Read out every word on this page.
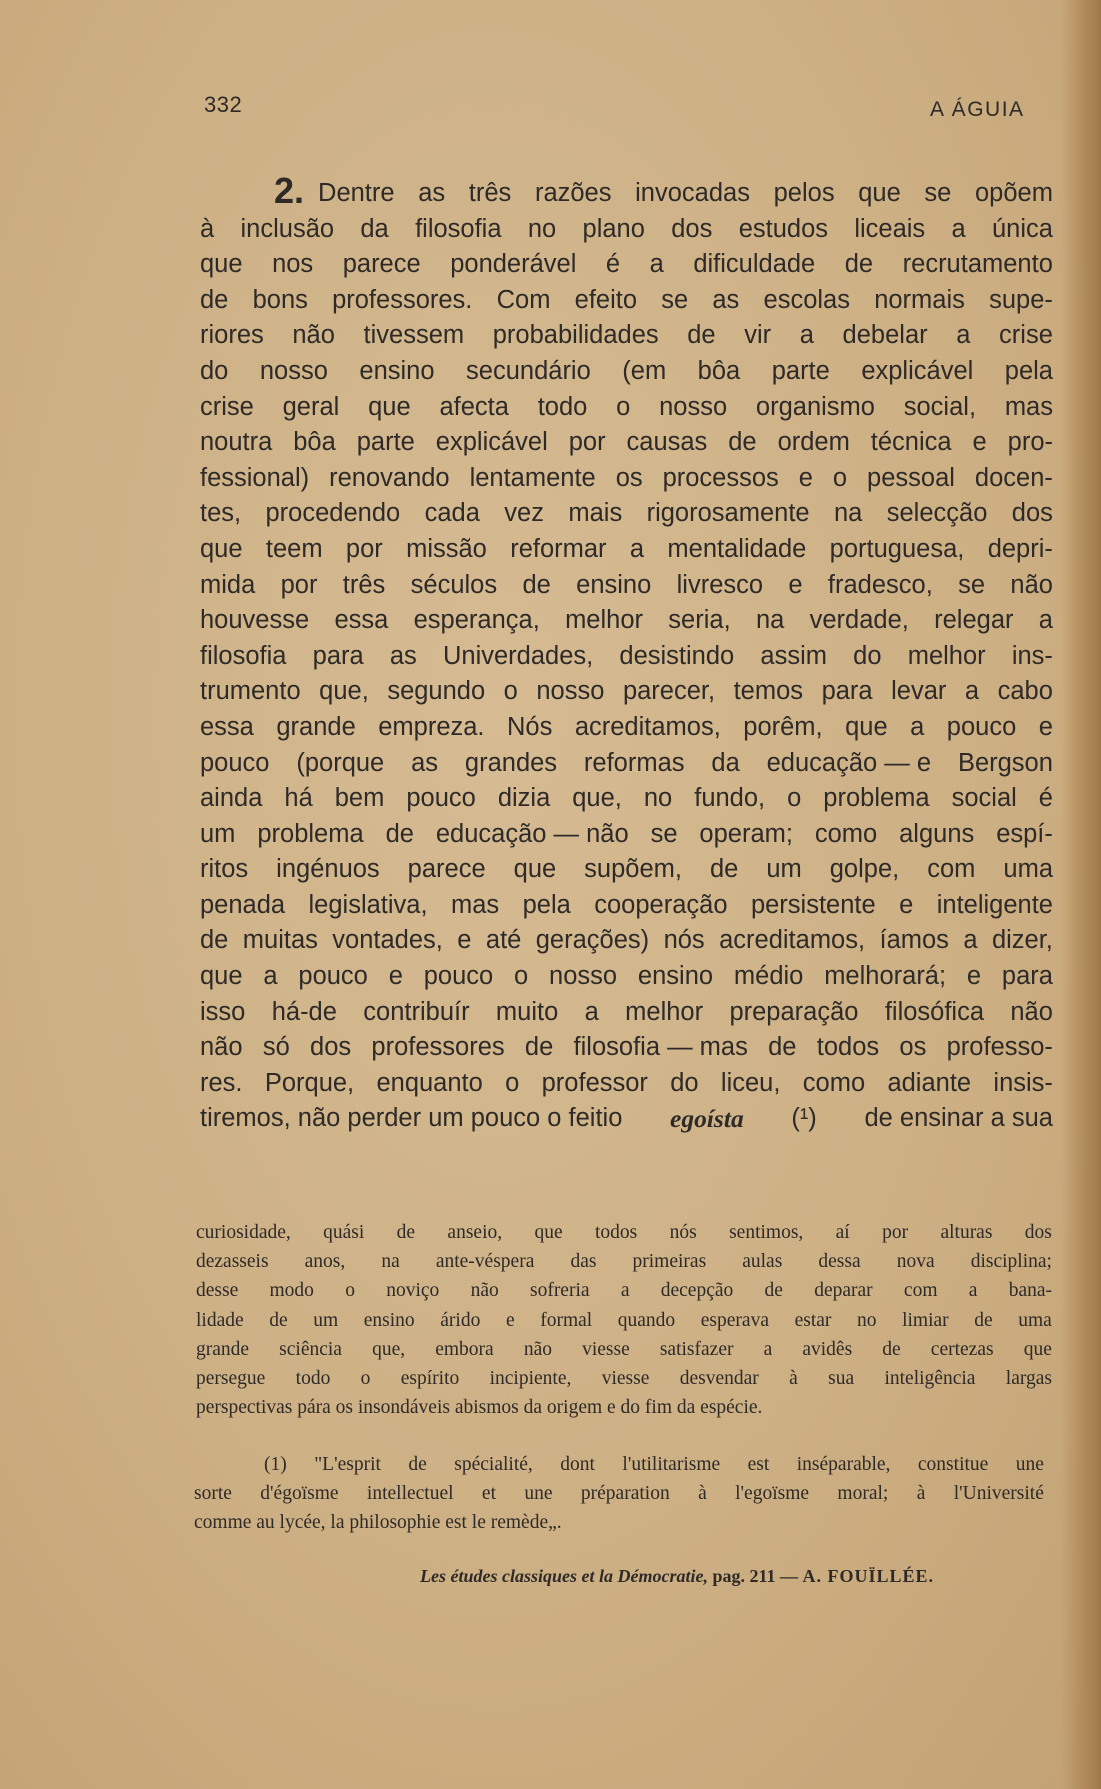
332	A ÁGUIA
2. Dentre as três razões invocadas pelos que se opõem
à inclusão da filosofia no plano dos estudos liceais a única
que nos parece ponderável é a dificuldade de recrutamento
de bons professores. Com efeito se as escolas normais supe-
riores não tivessem probabilidades de vir a debelar a crise
do nosso ensino secundário (em bôa parte explicável pela
crise geral que afecta todo o nosso organismo social, mas
noutra bôa parte explicável por causas de ordem técnica e pro-
fessional) renovando lentamente os processos e o pessoal docen-
tes, procedendo cada vez mais rigorosamente na selecção dos
que teem por missão reformar a mentalidade portuguesa, depri-
mida por três séculos de ensino livresco e fradesco, se não
houvesse essa esperança, melhor seria, na verdade, relegar a
filosofia para as Univerdades, desistindo assim do melhor ins-
trumento que, segundo o nosso parecer, temos para levar a cabo
essa grande empreza. Nós acreditamos, porêm, que a pouco e
pouco (porque as grandes reformas da educação — e Bergson
ainda há bem pouco dizia que, no fundo, o problema social é
um problema de educação — não se operam; como alguns espí-
ritos ingénuos parece que supõem, de um golpe, com uma
penada legislativa, mas pela cooperação persistente e inteligente
de muitas vontades, e até gerações) nós acreditamos, íamos a dizer,
que a pouco e pouco o nosso ensino médio melhorará; e para
isso há-de contribuír muito a melhor preparação filosófica não
não só dos professores de filosofia — mas de todos os professo-
res. Porque, enquanto o professor do liceu, como adiante insis-
tiremos, não perder um pouco o feitio egoísta (¹) de ensinar a sua
curiosidade, quási de anseio, que todos nós sentimos, aí por alturas dos
dezasseis anos, na ante-véspera das primeiras aulas dessa nova disciplina;
desse modo o noviço não sofreria a decepção de deparar com a bana-
lidade de um ensino árido e formal quando esperava estar no limiar de uma
grande sciência que, embora não viesse satisfazer a avidês de certezas que
persegue todo o espírito incipiente, viesse desvendar à sua inteligência largas
perspectivas pára os insondáveis abismos da origem e do fim da espécie.
(1) "L'esprit de spécialité, dont l'utilitarisme est inséparable, constitue une
sorte d'égoïsme intellectuel et une préparation à l'egoïsme moral; à l'Université
comme au lycée, la philosophie est le remède„.
Les études classiques et la Démocratie, pag. 211 — A. FOUÏLLÉE.
